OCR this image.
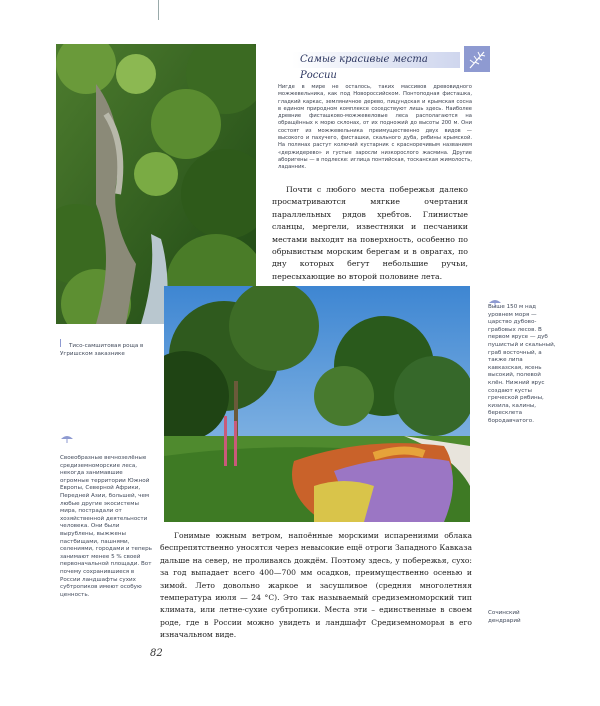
Самые красивые места России
Нигде в мире не осталось, таких массивов древовидного можжевельника, как под Новороссийском. Понтоподная фисташка, гладкий каркас, земляничное дерево, пицундская и крымская сосна в едином природном комплексе соседствуют лишь здесь. Наиболее древние фисташково-можжевеловые леса располагаются на обращённых к морю склонах, от их подножий до высоты 200 м. Они состоят из можжевельника преимущественно двух видов — высокого и пахучего, фисташки, скального дуба, рябины крымской. На полянах растут колючий кустарник с красноречивым названием «держидерево» и густые заросли низкорослого жасмина. Другие аборигены — в подлеске: иглица понтийская, тосканская жимолость, ладанник.
Почти с любого места побережья далеко просматриваются мягкие очертания параллельных рядов хребтов. Глинистые сланцы, мергели, известняки и песчаники местами выходят на поверхность, особенно по обрывистым морским берегам и в оврагах, по дну которых бегут небольшие ручьи, пересыхающие во второй половине лета.
Тисо-самшитовая роща в Угришском заказнике
Своеобразные вечнозелёные средиземноморские леса, некогда занимавшие огромные территории Южной Европы, Северной Африки, Передней Азии, большей, чем любые другие экосистемы мира, пострадали от хозяйственной деятельности человека. Они были вырублены, выжжены пастбищами, пашнями, селениями, городами и теперь занимают менее 5 % своей первоначальной площади. Вот почему сохранившиеся в России ландшафты сухих субтропиков имеют особую ценность.
Выше 150 м над уровнем моря — царство дубово-грабовых лесов. В первом ярусе — дуб пушистый и скальный, граб восточный, а также липа кавказская, ясень высокий, полевой клён. Нижний ярус создают кусты греческой рябины, кизила, калины, бересклета бородавчатого.
Гонимые южным ветром, напоённые морскими испарениями облака беспрепятственно уносятся через невысокие ещё отроги Западного Кавказа дальше на север, не проливаясь дождём. Поэтому здесь, у побережья, сухо: за год выпадает всего 400—700 мм осадков, преимущественно осенью и зимой. Лето довольно жаркое и засушливое (средняя многолетняя температура июля — 24 °С). Это так называемый средиземноморский тип климата, или летне-сухие субтропики. Места эти – единственные в своем роде, где в России можно увидеть и ландшафт Средиземноморья в его изначальном виде.
Сочинский дендрарий
82
